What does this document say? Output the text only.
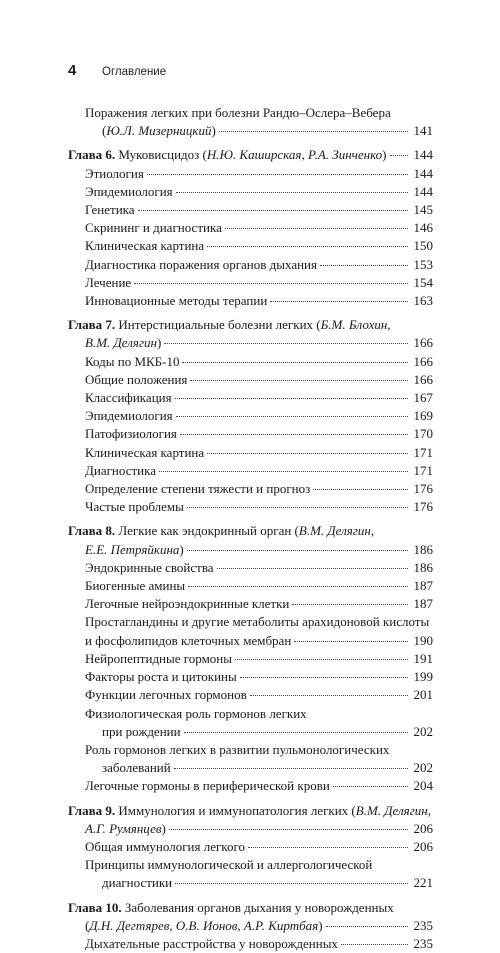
4	Оглавление
Поражения легких при болезни Рандю–Ослера–Вебера
(Ю.Л. Мизерницкий)	141
Глава 6. Муковисцидоз (Н.Ю. Каширская, Р.А. Зинченко) 144
Этиология	144
Эпидемиология	144
Генетика	145
Скрининг и диагностика	146
Клиническая картина	150
Диагностика поражения органов дыхания	153
Лечение	154
Инновационные методы терапии	163
Глава 7. Интерстициальные болезни легких (Б.М. Блохин,
В.М. Делягин)	166
Коды по МКБ-10	166
Общие положения	166
Классификация	167
Эпидемиология	169
Патофизиология	170
Клиническая картина	171
Диагностика	171
Определение степени тяжести и прогноз	176
Частые проблемы	176
Глава 8. Легкие как эндокринный орган (В.М. Делягин,
Е.Е. Петряйкина)	186
Эндокринные свойства	186
Биогенные амины	187
Легочные нейроэндокринные клетки	187
Простагландины и другие метаболиты арахидоновой кислоты
и фосфолипидов клеточных мембран	190
Нейропептидные гормоны	191
Факторы роста и цитокины	199
Функции легочных гормонов	201
Физиологическая роль гормонов легких
при рождении	202
Роль гормонов легких в развитии пульмонологических
заболеваний	202
Легочные гормоны в периферической крови	204
Глава 9. Иммунология и иммунопатология легких (В.М. Делягин,
А.Г. Румянцев)	206
Общая иммунология легкого	206
Принципы иммунологической и аллергологической
диагностики	221
Глава 10. Заболевания органов дыхания у новорожденных
(Д.Н. Дегтярев, О.В. Ионов, А.Р. Киртбая)	235
Дыхательные расстройства у новорожденных	235
